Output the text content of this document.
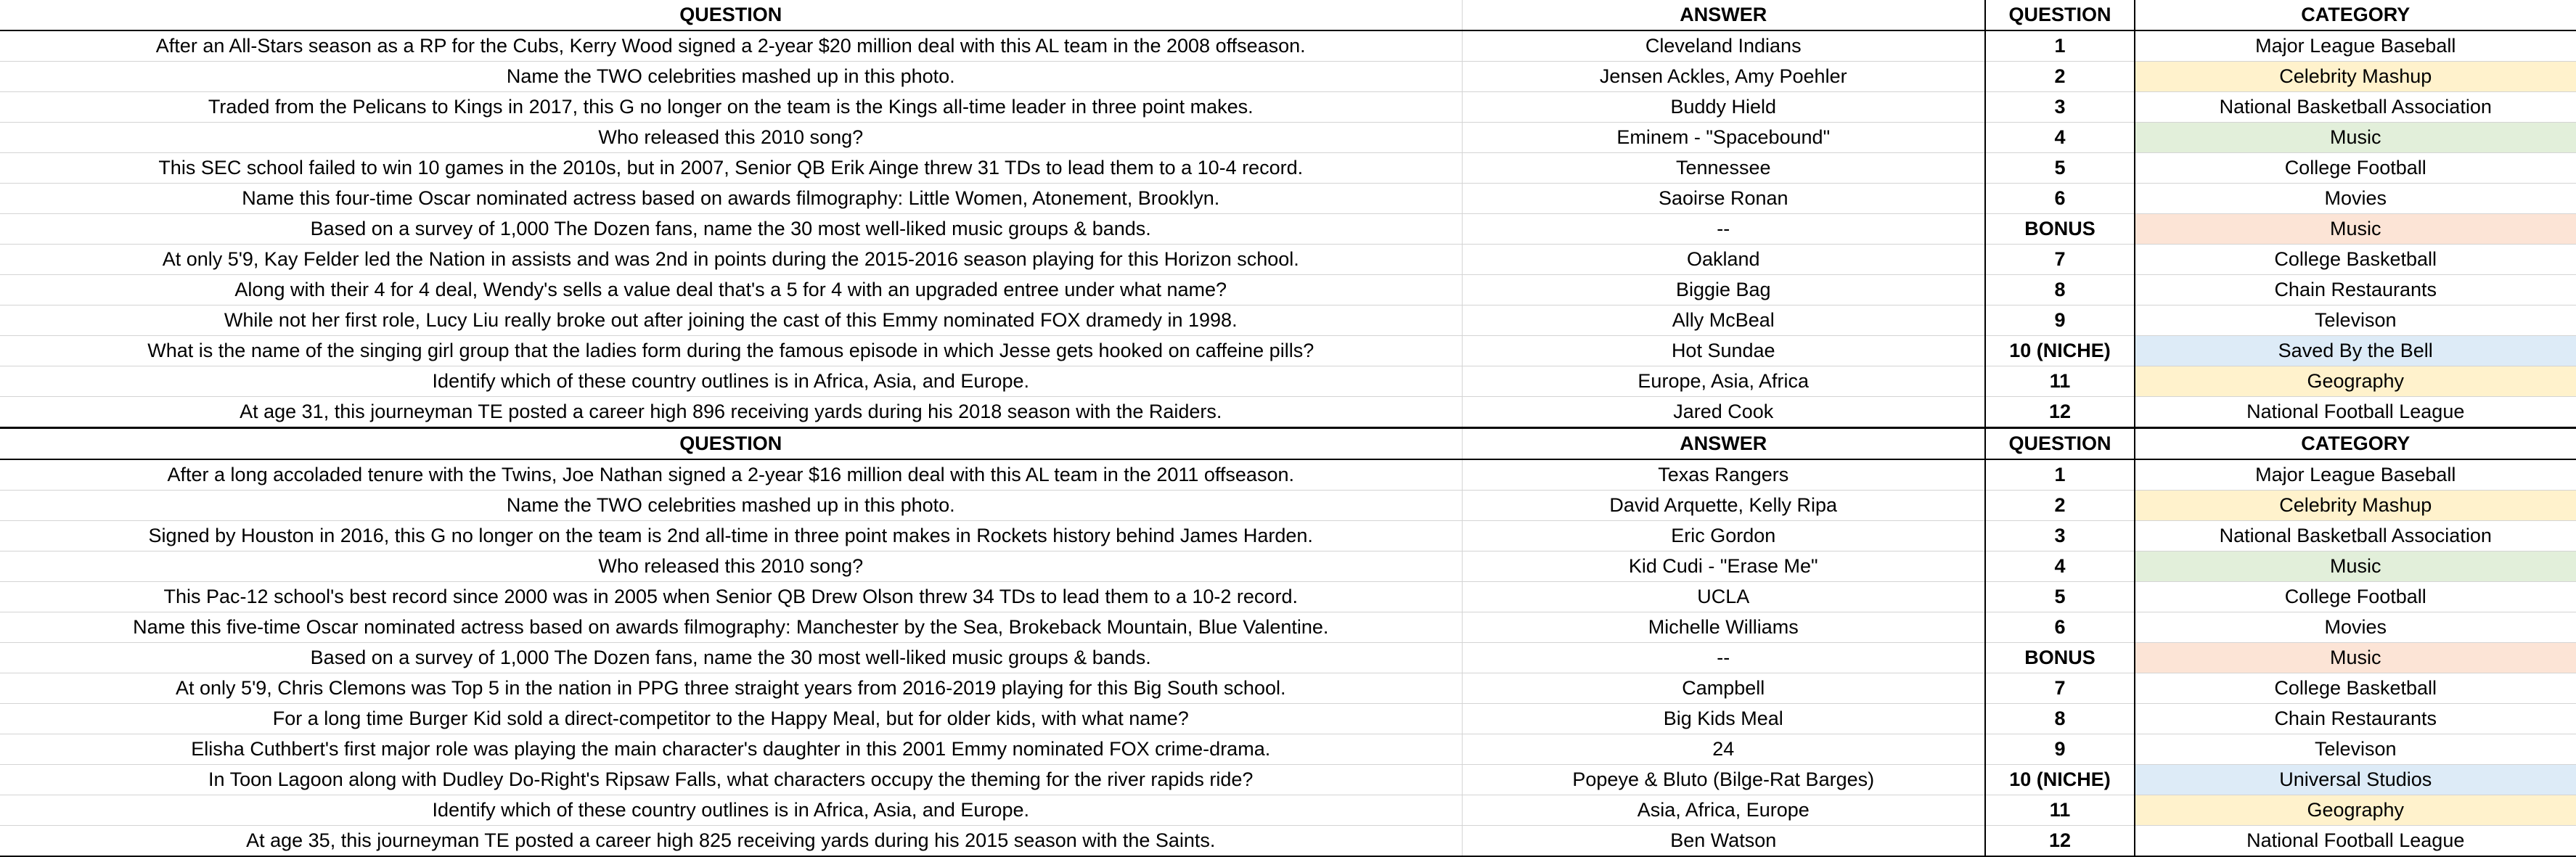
QUESTION	ANSWER	QUESTION	CATEGORY
After an All-Stars season as a RP for the Cubs, Kerry Wood signed a 2-year $20 million deal with this AL team in the 2008 offseason.	Cleveland Indians	1	Major League Baseball
Name the TWO celebrities mashed up in this photo.	Jensen Ackles, Amy Poehler	2	Celebrity Mashup
Traded from the Pelicans to Kings in 2017, this G no longer on the team is the Kings all-time leader in three point makes.	Buddy Hield	3	National Basketball Association
Who released this 2010 song?	Eminem - "Spacebound"	4	Music
This SEC school failed to win 10 games in the 2010s, but in 2007, Senior QB Erik Ainge threw 31 TDs to lead them to a 10-4 record.	Tennessee	5	College Football
Name this four-time Oscar nominated actress based on awards filmography: Little Women, Atonement, Brooklyn.	Saoirse Ronan	6	Movies
Based on a survey of 1,000 The Dozen fans, name the 30 most well-liked music groups & bands.	--	BONUS	Music
At only 5'9, Kay Felder led the Nation in assists and was 2nd in points during the 2015-2016 season playing for this Horizon school.	Oakland	7	College Basketball
Along with their 4 for 4 deal, Wendy's sells a value deal that's a 5 for 4 with an upgraded entree under what name?	Biggie Bag	8	Chain Restaurants
While not her first role, Lucy Liu really broke out after joining the cast of this Emmy nominated FOX dramedy in 1998.	Ally McBeal	9	Televison
What is the name of the singing girl group that the ladies form during the famous episode in which Jesse gets hooked on caffeine pills?	Hot Sundae	10 (NICHE)	Saved By the Bell
Identify which of these country outlines is in Africa, Asia, and Europe.	Europe, Asia, Africa	11	Geography
At age 31, this journeyman TE posted a career high 896 receiving yards during his 2018 season with the Raiders.	Jared Cook	12	National Football League
QUESTION	ANSWER	QUESTION	CATEGORY
After a long accoladed tenure with the Twins, Joe Nathan signed a 2-year $16 million deal with this AL team in the 2011 offseason.	Texas Rangers	1	Major League Baseball
Name the TWO celebrities mashed up in this photo.	David Arquette, Kelly Ripa	2	Celebrity Mashup
Signed by Houston in 2016, this G no longer on the team is 2nd all-time in three point makes in Rockets history behind James Harden.	Eric Gordon	3	National Basketball Association
Who released this 2010 song?	Kid Cudi - "Erase Me"	4	Music
This Pac-12 school's best record since 2000 was in 2005 when Senior QB Drew Olson threw 34 TDs to lead them to a 10-2 record.	UCLA	5	College Football
Name this five-time Oscar nominated actress based on awards filmography: Manchester by the Sea, Brokeback Mountain, Blue Valentine.	Michelle Williams	6	Movies
Based on a survey of 1,000 The Dozen fans, name the 30 most well-liked music groups & bands.	--	BONUS	Music
At only 5'9, Chris Clemons was Top 5 in the nation in PPG three straight years from 2016-2019 playing for this Big South school.	Campbell	7	College Basketball
For a long time Burger Kid sold a direct-competitor to the Happy Meal, but for older kids, with what name?	Big Kids Meal	8	Chain Restaurants
Elisha Cuthbert's first major role was playing the main character's daughter in this 2001 Emmy nominated FOX crime-drama.	24	9	Televison
In Toon Lagoon along with Dudley Do-Right's Ripsaw Falls, what characters occupy the theming for the river rapids ride?	Popeye & Bluto (Bilge-Rat Barges)	10 (NICHE)	Universal Studios
Identify which of these country outlines is in Africa, Asia, and Europe.	Asia, Africa, Europe	11	Geography
At age 35, this journeyman TE posted a career high 825 receiving yards during his 2015 season with the Saints.	Ben Watson	12	National Football League
